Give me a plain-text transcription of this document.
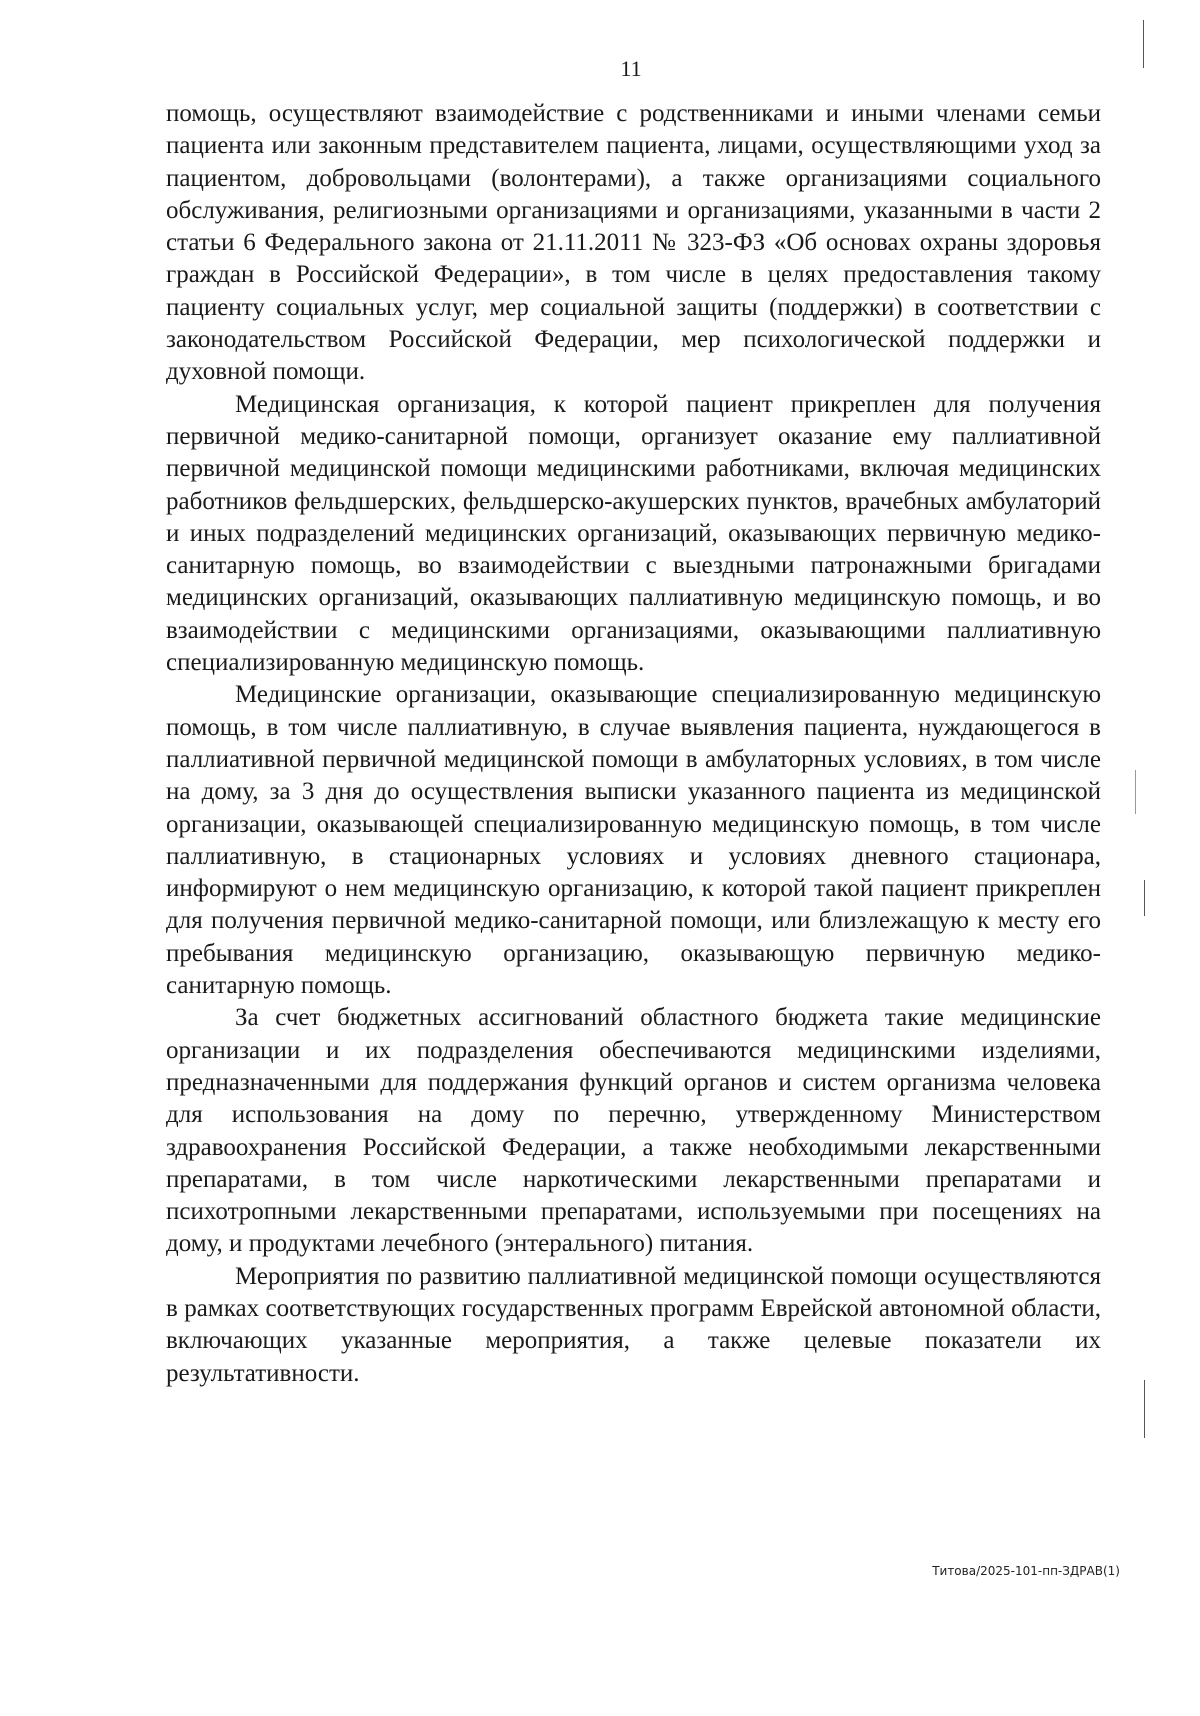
11

помощь, осуществляют взаимодействие с родственниками и иными членами семьи пациента или законным представителем пациента, лицами, осуществляющими уход за пациентом, добровольцами (волонтерами), а также организациями социального обслуживания, религиозными организациями и организациями, указанными в части 2 статьи 6 Федерального закона от 21.11.2011 № 323-ФЗ «Об основах охраны здоровья граждан в Российской Федерации», в том числе в целях предоставления такому пациенту социальных услуг, мер социальной защиты (поддержки) в соответствии с законодательством Российской Федерации, мер психологической поддержки и духовной помощи.

Медицинская организация, к которой пациент прикреплен для получения первичной медико-санитарной помощи, организует оказание ему паллиативной первичной медицинской помощи медицинскими работниками, включая медицинских работников фельдшерских, фельдшерско-акушерских пунктов, врачебных амбулаторий и иных подразделений медицинских организаций, оказывающих первичную медико-санитарную помощь, во взаимодействии с выездными патронажными бригадами медицинских организаций, оказывающих паллиативную медицинскую помощь, и во взаимодействии с медицинскими организациями, оказывающими паллиативную специализированную медицинскую помощь.

Медицинские организации, оказывающие специализированную медицинскую помощь, в том числе паллиативную, в случае выявления пациента, нуждающегося в паллиативной первичной медицинской помощи в амбулаторных условиях, в том числе на дому, за 3 дня до осуществления выписки указанного пациента из медицинской организации, оказывающей специализированную медицинскую помощь, в том числе паллиативную, в стационарных условиях и условиях дневного стационара, информируют о нем медицинскую организацию, к которой такой пациент прикреплен для получения первичной медико-санитарной помощи, или близлежащую к месту его пребывания медицинскую организацию, оказывающую первичную медико-санитарную помощь.

За счет бюджетных ассигнований областного бюджета такие медицинские организации и их подразделения обеспечиваются медицинскими изделиями, предназначенными для поддержания функций органов и систем организма человека для использования на дому по перечню, утвержденному Министерством здравоохранения Российской Федерации, а также необходимыми лекарственными препаратами, в том числе наркотическими лекарственными препаратами и психотропными лекарственными препаратами, используемыми при посещениях на дому, и продуктами лечебного (энтерального) питания.

Мероприятия по развитию паллиативной медицинской помощи осуществляются в рамках соответствующих государственных программ Еврейской автономной области, включающих указанные мероприятия, а также целевые показатели их результативности.

Титова/2025-101-пп-ЗДРАВ(1)
